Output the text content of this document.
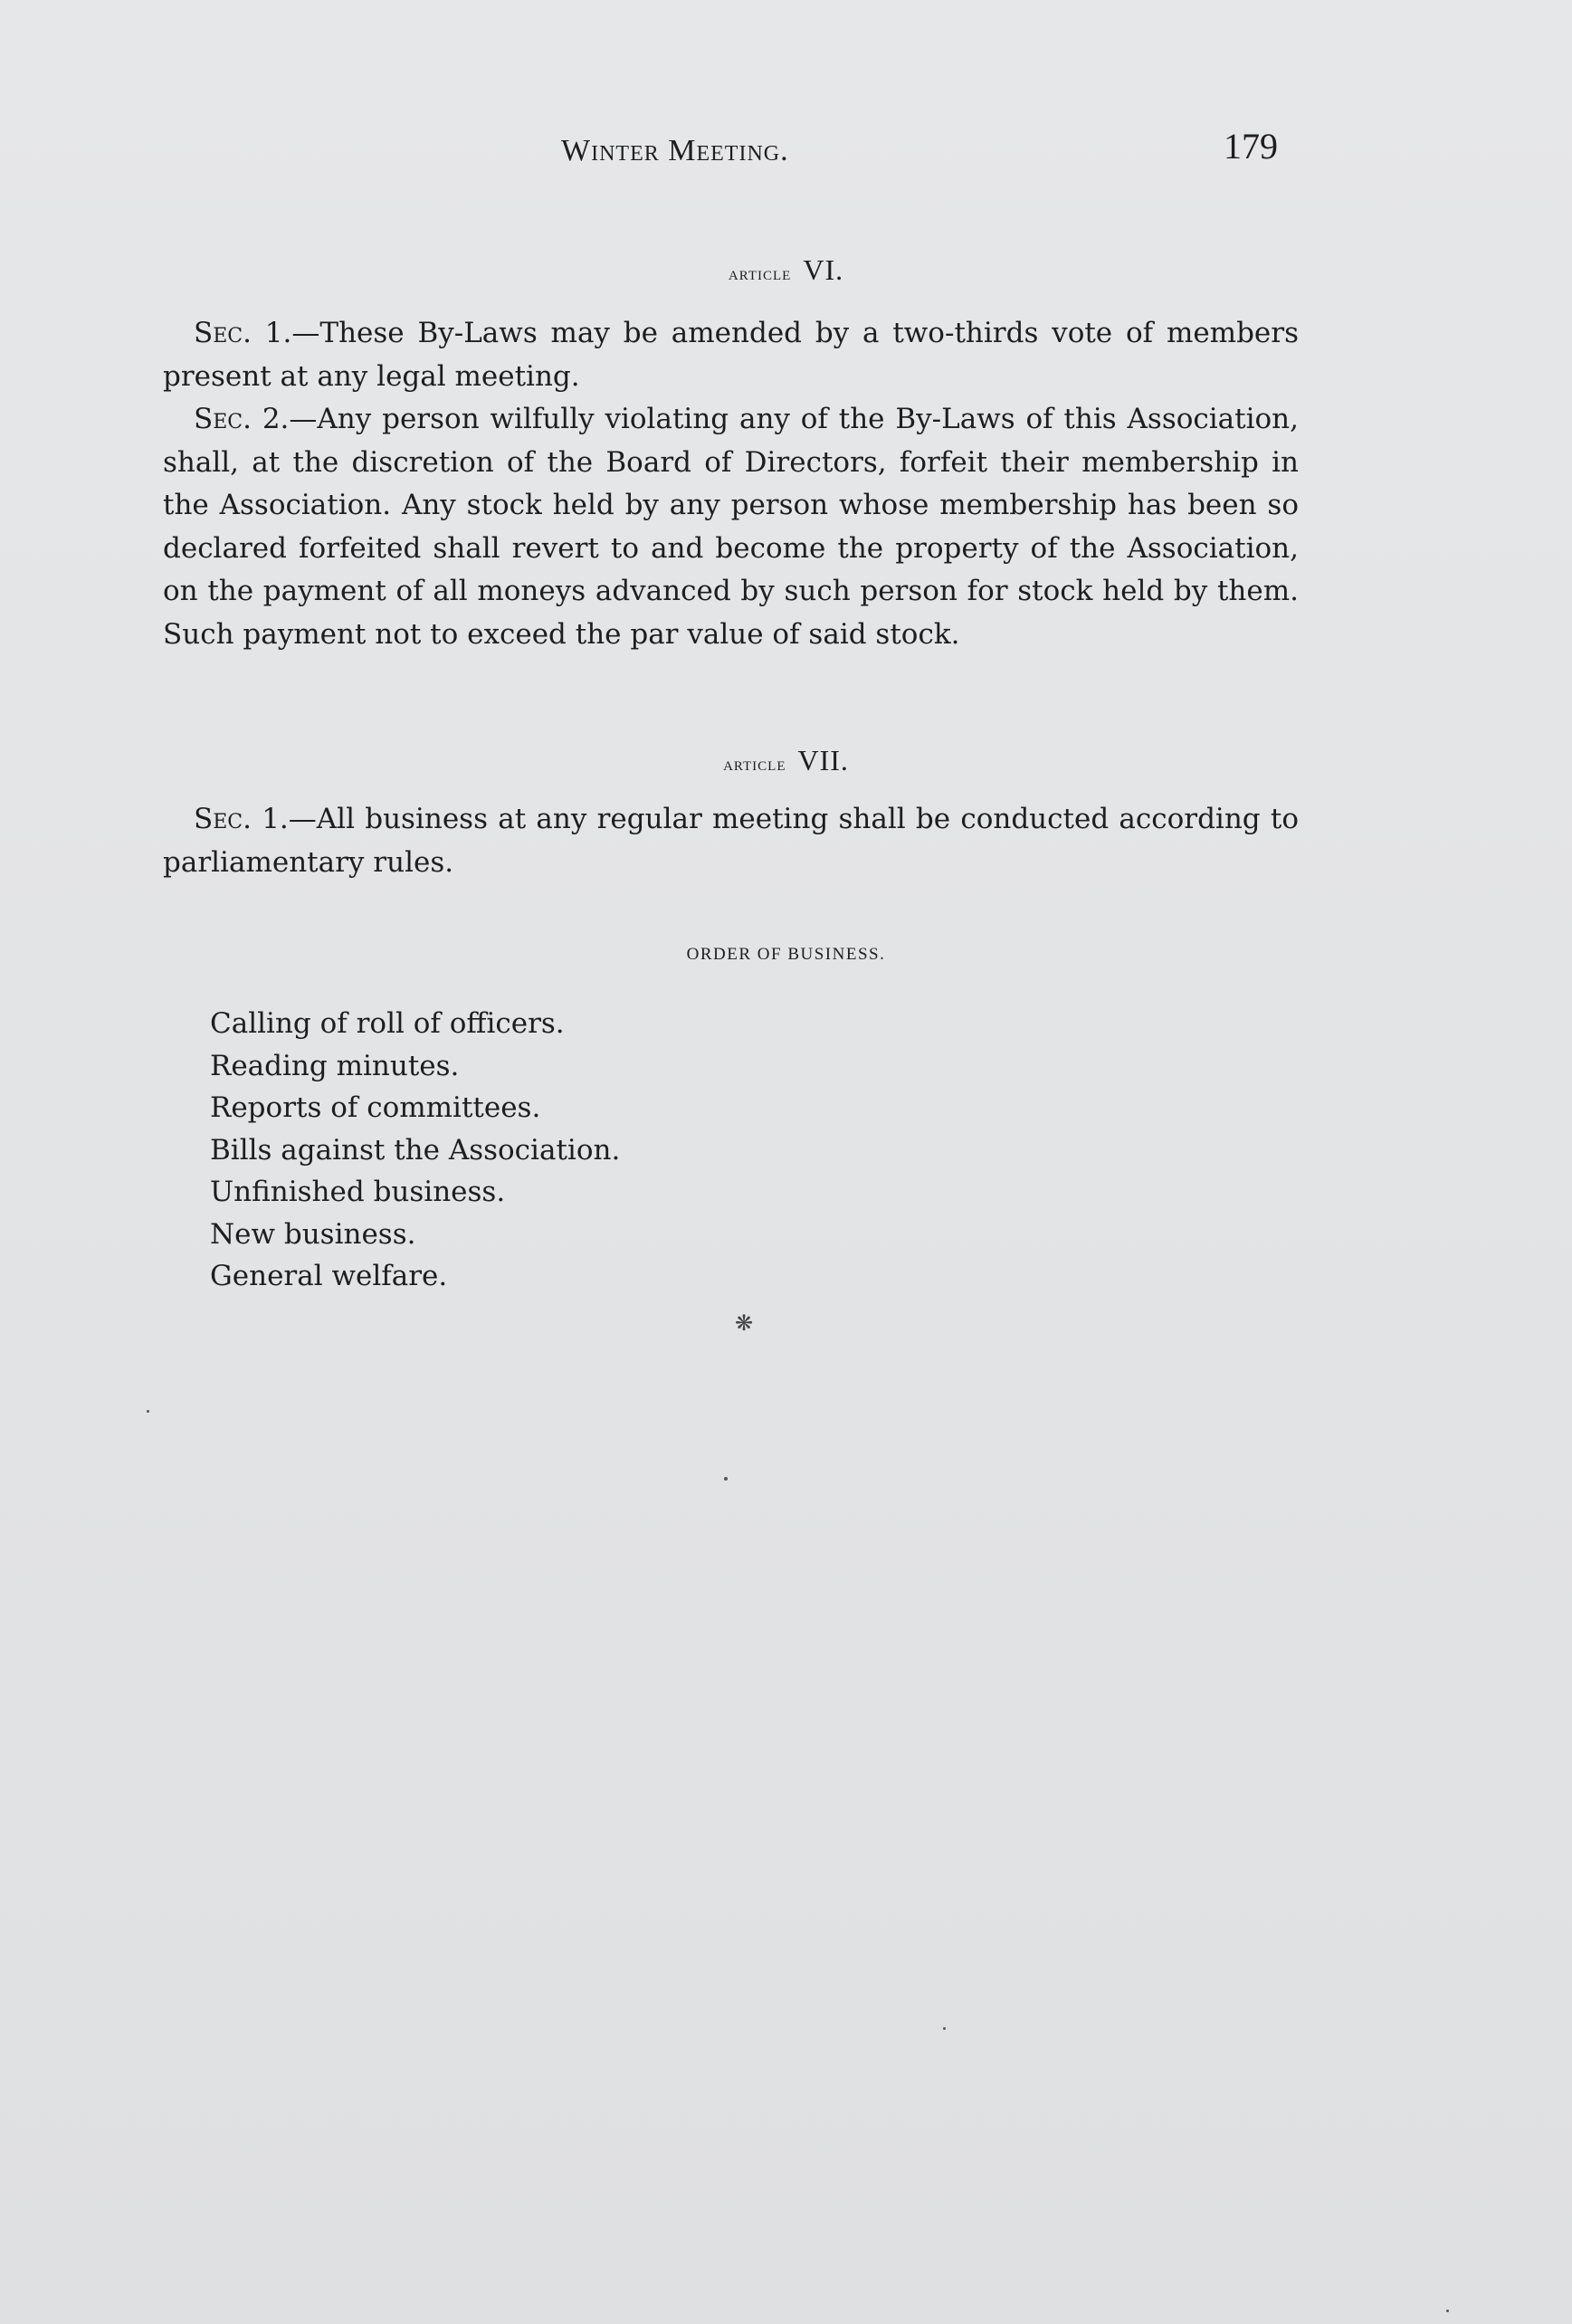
Winter Meeting.	179
article VI.

Sec. 1.—These By-Laws may be amended by a two-thirds vote of members present at any legal meeting.

Sec. 2.—Any person wilfully violating any of the By-Laws of this Association, shall, at the discretion of the Board of Directors, forfeit their membership in the Association. Any stock held by any person whose membership has been so declared forfeited shall revert to and become the property of the Association, on the payment of all moneys advanced by such person for stock held by them. Such payment not to exceed the par value of said stock.

article VII.

Sec. 1.—All business at any regular meeting shall be conducted according to parliamentary rules.

ORDER OF BUSINESS.
Calling of roll of officers.
Reading minutes.
Reports of committees.
Bills against the Association.
Unfinished business.
New business.
General welfare.
❋
